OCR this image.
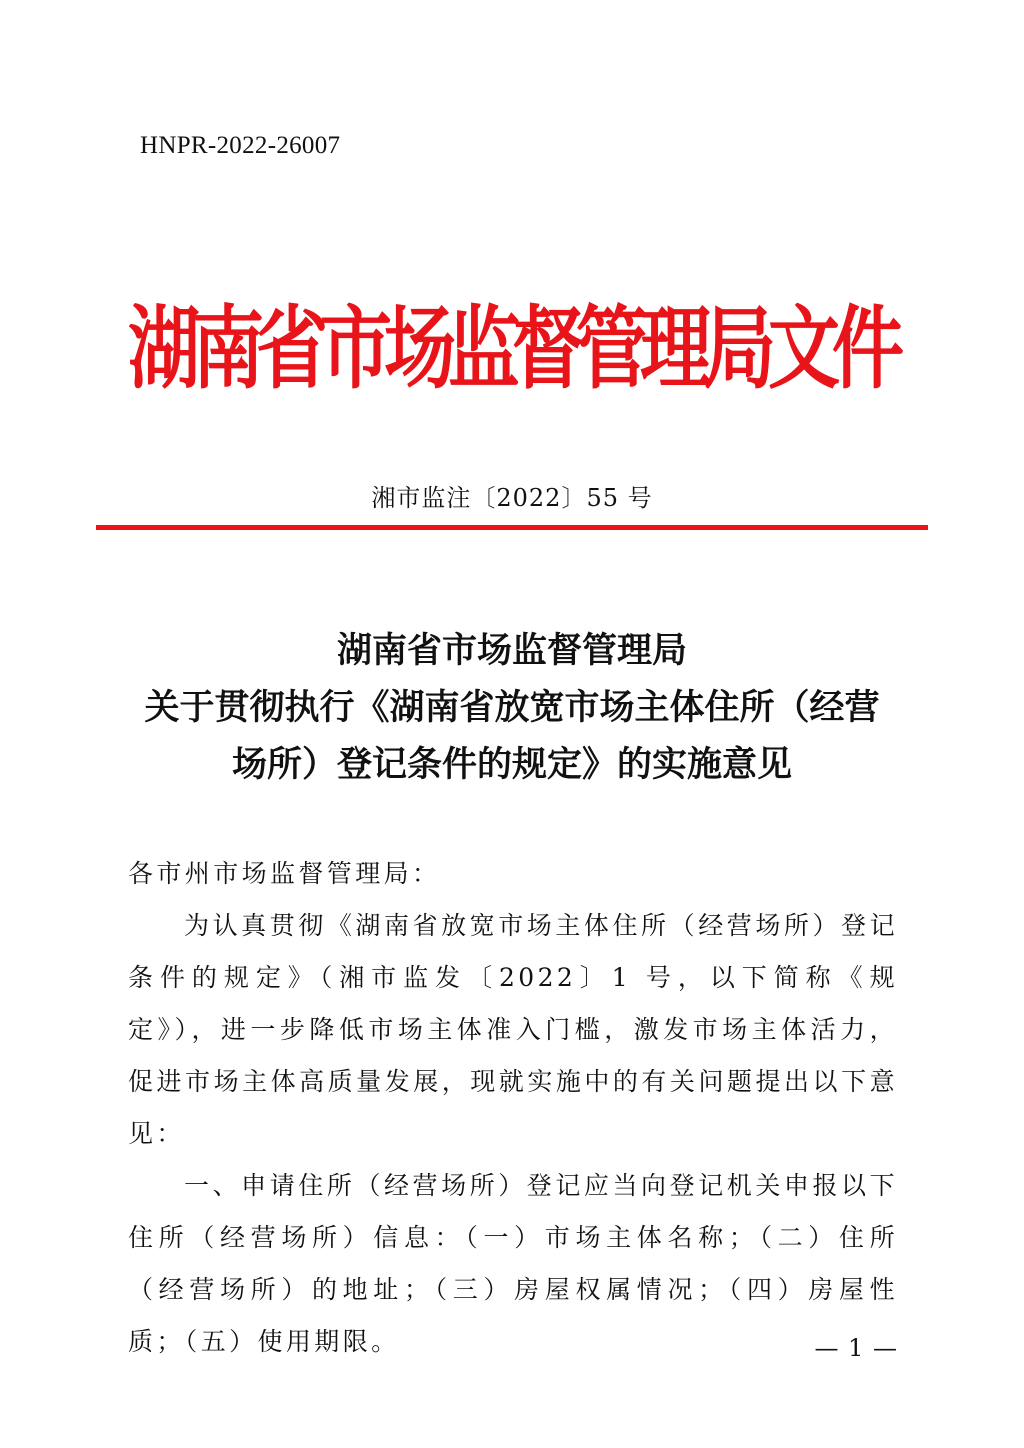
HNPR-2022-26007
湖南省市场监督管理局文件
湘市监注〔2022〕55 号
湖南省市场监督管理局
关于贯彻执行《湖南省放宽市场主体住所（经营
场所）登记条件的规定》的实施意见

各市州市场监督管理局：

为认真贯彻《湖南省放宽市场主体住所（经营场所）登记条件的规定》（湘市监发〔2022〕1 号，以下简称《规定》），进一步降低市场主体准入门槛，激发市场主体活力，促进市场主体高质量发展，现就实施中的有关问题提出以下意见：

一、申请住所（经营场所）登记应当向登记机关申报以下住所（经营场所）信息：（一）市场主体名称；（二）住所（经营场所）的地址；（三）房屋权属情况；（四）房屋性质；（五）使用期限。	— 1 —
